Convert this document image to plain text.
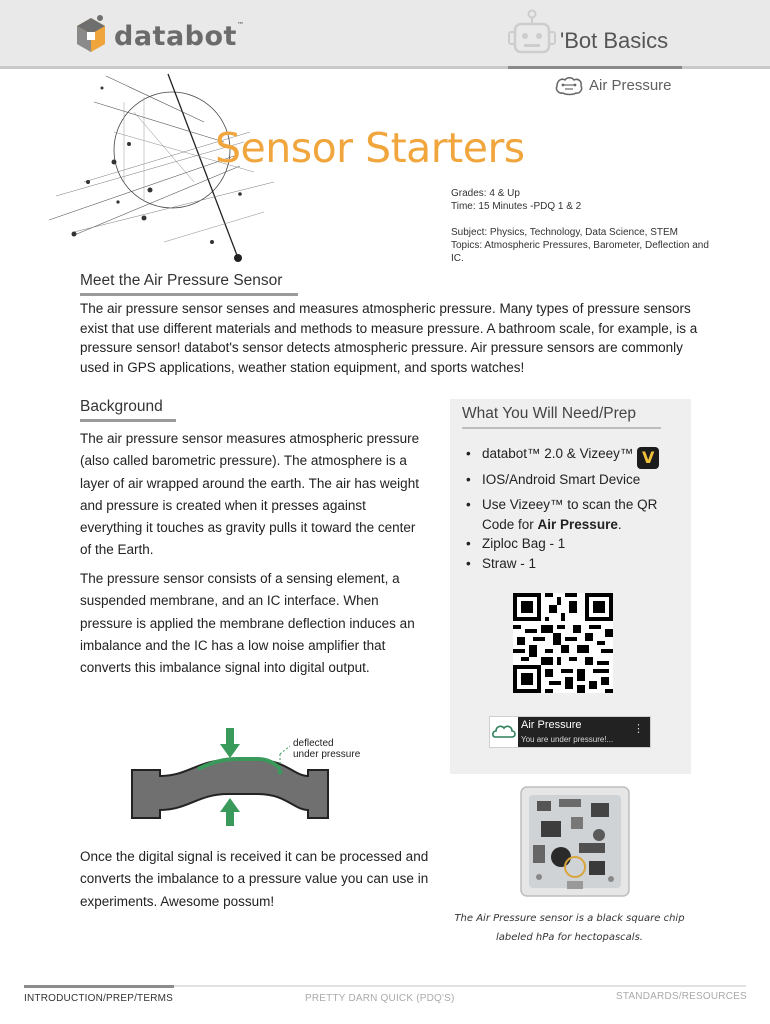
databot™
'Bot Basics
Air Pressure
Sensor Starters
Grades: 4 & Up
Time: 15 Minutes -PDQ 1 & 2
Subject: Physics, Technology, Data Science, STEM
Topics: Atmospheric Pressures, Barometer, Deflection and IC.
Meet the Air Pressure Sensor
The air pressure sensor senses and measures atmospheric pressure. Many types of pressure sensors exist that use different materials and methods to measure pressure. A bathroom scale, for example, is a pressure sensor! databot's sensor detects atmospheric pressure. Air pressure sensors are commonly used in GPS applications, weather station equipment, and sports watches!
Background
The air pressure sensor measures atmospheric pressure (also called barometric pressure). The atmosphere is a layer of air wrapped around the earth. The air has weight and pressure is created when it presses against everything it touches as gravity pulls it toward the center of the Earth.
The pressure sensor consists of a sensing element, a suspended membrane, and an IC interface. When pressure is applied the membrane deflection induces an imbalance and the IC has a low noise amplifier that converts this imbalance signal into digital output.
deflected
under pressure
Once the digital signal is received it can be processed and converts the imbalance to a pressure value you can use in experiments. Awesome possum!
What You Will Need/Prep
• databot™ 2.0 & Vizeey™
• IOS/Android Smart Device
• Use Vizeey™ to scan the QR Code for Air Pressure.
• Ziploc Bag - 1
• Straw - 1
V
Air Pressure
You are under pressure!...
⋮
The Air Pressure sensor is a black square chip labeled hPa for hectopascals.
INTRODUCTION/PREP/TERMS	PRETTY DARN QUICK (PDQ'S)	STANDARDS/RESOURCES
